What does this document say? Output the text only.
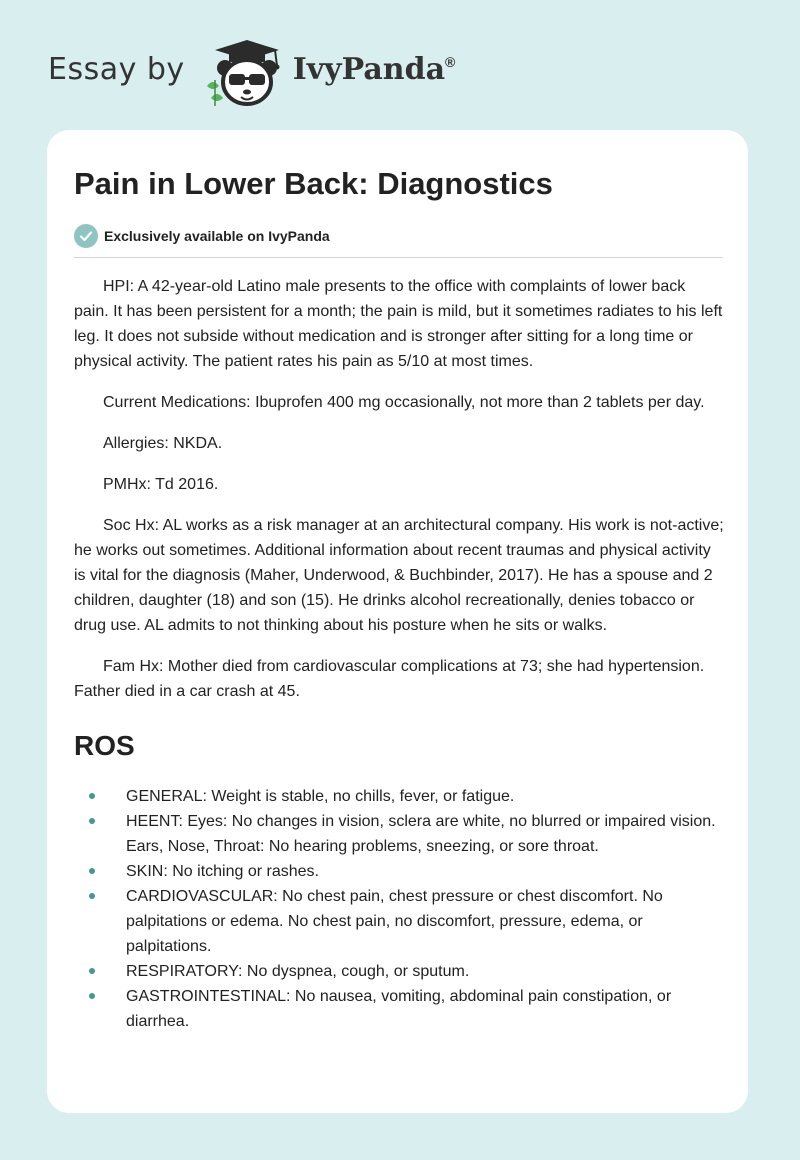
Essay by	IvyPanda®
Pain in Lower Back: Diagnostics
Exclusively available on IvyPanda

HPI: A 42-year-old Latino male presents to the office with complaints of lower back pain. It has been persistent for a month; the pain is mild, but it sometimes radiates to his left leg. It does not subside without medication and is stronger after sitting for a long time or physical activity. The patient rates his pain as 5/10 at most times.

Current Medications: Ibuprofen 400 mg occasionally, not more than 2 tablets per day.

Allergies: NKDA.

PMHx: Td 2016.

Soc Hx: AL works as a risk manager at an architectural company. His work is not-active; he works out sometimes. Additional information about recent traumas and physical activity is vital for the diagnosis (Maher, Underwood, & Buchbinder, 2017). He has a spouse and 2 children, daughter (18) and son (15). He drinks alcohol recreationally, denies tobacco or drug use. AL admits to not thinking about his posture when he sits or walks.

Fam Hx: Mother died from cardiovascular complications at 73; she had hypertension. Father died in a car crash at 45.

ROS
GENERAL: Weight is stable, no chills, fever, or fatigue.
HEENT: Eyes: No changes in vision, sclera are white, no blurred or impaired vision. Ears, Nose, Throat: No hearing problems, sneezing, or sore throat.
SKIN: No itching or rashes.
CARDIOVASCULAR: No chest pain, chest pressure or chest discomfort. No palpitations or edema. No chest pain, no discomfort, pressure, edema, or palpitations.
RESPIRATORY: No dyspnea, cough, or sputum.
GASTROINTESTINAL: No nausea, vomiting, abdominal pain constipation, or diarrhea.
